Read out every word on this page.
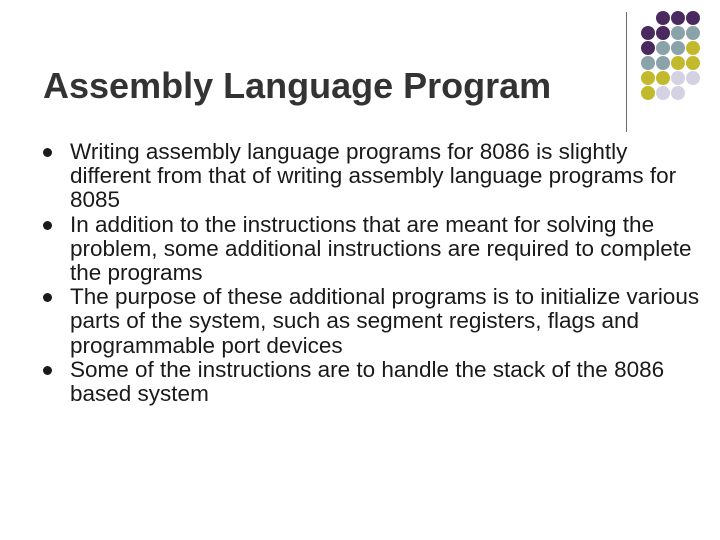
Assembly Language Program
Writing assembly language programs for 8086 is slightly different from that of writing assembly language programs for 8085
In addition to the instructions that are meant for solving the problem, some additional instructions are required to complete the programs
The purpose of these additional programs is to initialize various parts of the system, such as segment registers, flags and programmable port devices
Some of the instructions are to handle the stack of the 8086 based system
